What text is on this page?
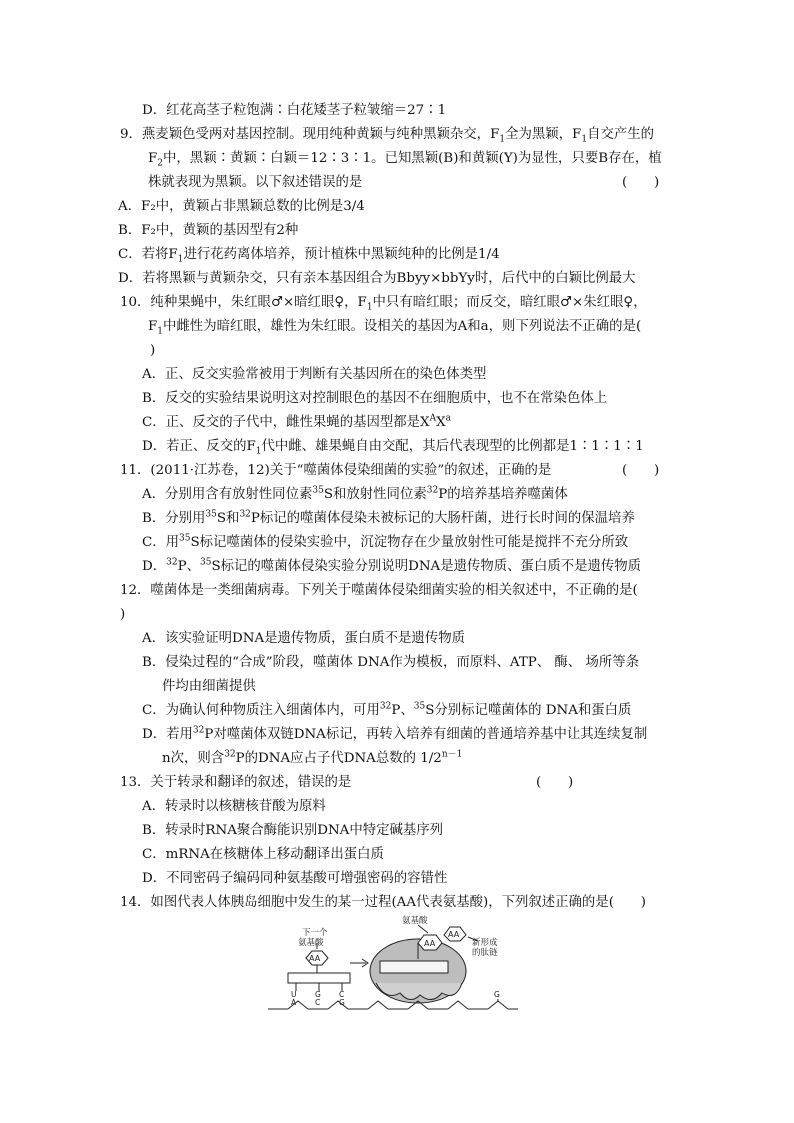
D．红花高茎子粒饱满∶白花矮茎子粒皱缩＝27∶1
9．燕麦颖色受两对基因控制。现用纯种黄颖与纯种黑颖杂交，$F_1$全为黑颖，$F_1$自交产生的
$F_2$中，黑颖∶黄颖∶白颖＝12∶3∶1。已知黑颖(B)和黄颖(Y)为显性，只要B存在，植
株就表现为黑颖。以下叙述错误的是	(　　)
A．F₂中，黄颖占非黑颖总数的比例是3/4
B．F₂中，黄颖的基因型有2种
C．若将$F_1$进行花药离体培养，预计植株中黑颖纯种的比例是1/4
D．若将黑颖与黄颖杂交，只有亲本基因组合为Bbyy×bbYy时，后代中的白颖比例最大
10．纯种果蝇中，朱红眼♂×暗红眼♀，$F_1$中只有暗红眼；而反交，暗红眼♂×朱红眼♀，
$F_1$中雌性为暗红眼，雄性为朱红眼。设相关的基因为A和a，则下列说法不正确的是(
)
A．正、反交实验常被用于判断有关基因所在的染色体类型
B．反交的实验结果说明这对控制眼色的基因不在细胞质中，也不在常染色体上
C．正、反交的子代中，雌性果蝇的基因型都是$X^AX^a$
D．若正、反交的$F_1$代中雌、雄果蝇自由交配，其后代表现型的比例都是1∶1∶1∶1
11．(2011·江苏卷，12)关于“噬菌体侵染细菌的实验”的叙述，正确的是	(　　)
A．分别用含有放射性同位素$^{35}$S和放射性同位素$^{32}$P的培养基培养噬菌体
B．分别用$^{35}$S和$^{32}$P标记的噬菌体侵染未被标记的大肠杆菌，进行长时间的保温培养
C．用$^{35}$S标记噬菌体的侵染实验中，沉淀物存在少量放射性可能是搅拌不充分所致
D．$^{32}$P、$^{35}$S标记的噬菌体侵染实验分别说明DNA是遗传物质、蛋白质不是遗传物质
12．噬菌体是一类细菌病毒。下列关于噬菌体侵染细菌实验的相关叙述中，不正确的是(
)
A．该实验证明DNA是遗传物质，蛋白质不是遗传物质
B．侵染过程的“合成”阶段，噬菌体 DNA作为模板，而原料、ATP、 酶、 场所等条
件均由细菌提供
C．为确认何种物质注入细菌体内，可用$^{32}$P、$^{35}$S分别标记噬菌体的 DNA和蛋白质
D．若用$^{32}$P对噬菌体双链DNA标记，再转入培养有细菌的普通培养基中让其连续复制
n次，则含$^{32}$P的DNA应占子代DNA总数的 $1/2^{n-1}$
13．关于转录和翻译的叙述，错误的是	(　　)
A．转录时以核糖核苷酸为原料
B．转录时RNA聚合酶能识别DNA中特定碱基序列
C．mRNA在核糖体上移动翻译出蛋白质
D．不同密码子编码同种氨基酸可增强密码的容错性
14．如图代表人体胰岛细胞中发生的某一过程(AA代表氨基酸)，下列叙述正确的是(　　)
下一个
氨基酸
氨基酸
新形成
的肽链
AA
U
A
G
C
C
G
AA
AA
G
